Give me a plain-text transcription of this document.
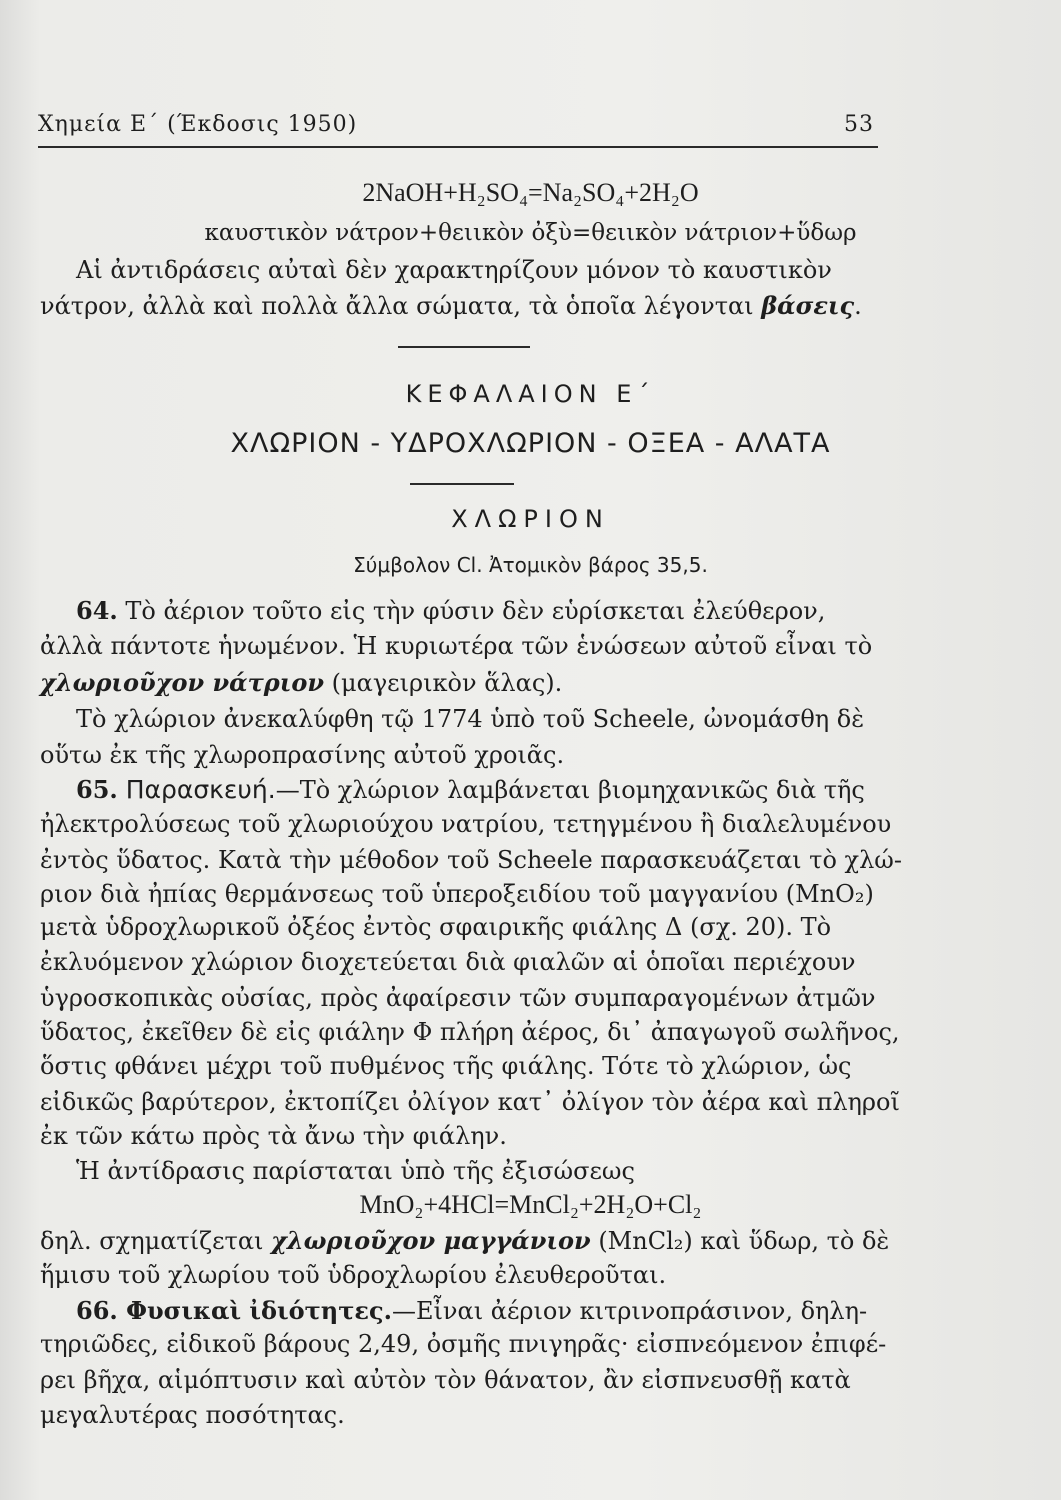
Χημεία Ε΄ (Έκδοσις 1950)	53
2NaOH+H₂SO₄=Na₂SO₄+2H₂O
καυστικὸν νάτρον+θειικὸν ὀξὺ=θειικὸν νάτριον+ὕδωρ
Αἱ ἀντιδράσεις αὐταὶ δὲν χαρακτηρίζουν μόνον τὸ καυστικὸν
νάτρον, ἀλλὰ καὶ πολλὰ ἄλλα σώματα, τὰ ὁποῖα λέγονται βάσεις.
ΚΕΦΑΛΑΙΟΝ Ε΄
ΧΛΩΡΙΟΝ - ΥΔΡΟΧΛΩΡΙΟΝ - ΟΞΕΑ - ΑΛΑΤΑ
ΧΛΩΡΙΟΝ
Σύμβολον Cl. Ἀτομικὸν βάρος 35,5.
64. Τὸ ἀέριον τοῦτο εἰς τὴν φύσιν δὲν εὑρίσκεται ἐλεύθερον,
ἀλλὰ πάντοτε ἡνωμένον. Ἡ κυριωτέρα τῶν ἑνώσεων αὐτοῦ εἶναι τὸ
χλωριοῦχον νάτριον (μαγειρικὸν ἅλας).
Τὸ χλώριον ἀνεκαλύφθη τῷ 1774 ὑπὸ τοῦ Scheele, ὠνομάσθη δὲ
οὕτω ἐκ τῆς χλωροπρασίνης αὐτοῦ χροιᾶς.
65. Παρασκευή.—Τὸ χλώριον λαμβάνεται βιομηχανικῶς διὰ τῆς
ἠλεκτρολύσεως τοῦ χλωριούχου νατρίου, τετηγμένου ἢ διαλελυμένου
ἐντὸς ὕδατος. Κατὰ τὴν μέθοδον τοῦ Scheele παρασκευάζεται τὸ χλώ-
ριον διὰ ἠπίας θερμάνσεως τοῦ ὑπεροξειδίου τοῦ μαγγανίου (MnO₂)
μετὰ ὑδροχλωρικοῦ ὀξέος ἐντὸς σφαιρικῆς φιάλης Δ (σχ. 20). Τὸ
ἐκλυόμενον χλώριον διοχετεύεται διὰ φιαλῶν αἱ ὁποῖαι περιέχουν
ὑγροσκοπικὰς οὐσίας, πρὸς ἀφαίρεσιν τῶν συμπαραγομένων ἀτμῶν
ὕδατος, ἐκεῖθεν δὲ εἰς φιάλην Φ πλήρη ἀέρος, δι᾽ ἀπαγωγοῦ σωλῆνος,
ὅστις φθάνει μέχρι τοῦ πυθμένος τῆς φιάλης. Τότε τὸ χλώριον, ὡς
εἰδικῶς βαρύτερον, ἐκτοπίζει ὀλίγον κατ᾽ ὀλίγον τὸν ἀέρα καὶ πληροῖ
ἐκ τῶν κάτω πρὸς τὰ ἄνω τὴν φιάλην.
Ἡ ἀντίδρασις παρίσταται ὑπὸ τῆς ἐξισώσεως
MnO₂+4HCl=MnCl₂+2H₂O+Cl₂
δηλ. σχηματίζεται χλωριοῦχον μαγγάνιον (MnCl₂) καὶ ὕδωρ, τὸ δὲ
ἥμισυ τοῦ χλωρίου τοῦ ὑδροχλωρίου ἐλευθεροῦται.
66. Φυσικαὶ ἰδιότητες.—Εἶναι ἀέριον κιτρινοπράσινον, δηλη-
τηριῶδες, εἰδικοῦ βάρους 2,49, ὀσμῆς πνιγηρᾶς· εἰσπνεόμενον ἐπιφέ-
ρει βῆχα, αἱμόπτυσιν καὶ αὐτὸν τὸν θάνατον, ἂν εἰσπνευσθῇ κατὰ
μεγαλυτέρας ποσότητας.
